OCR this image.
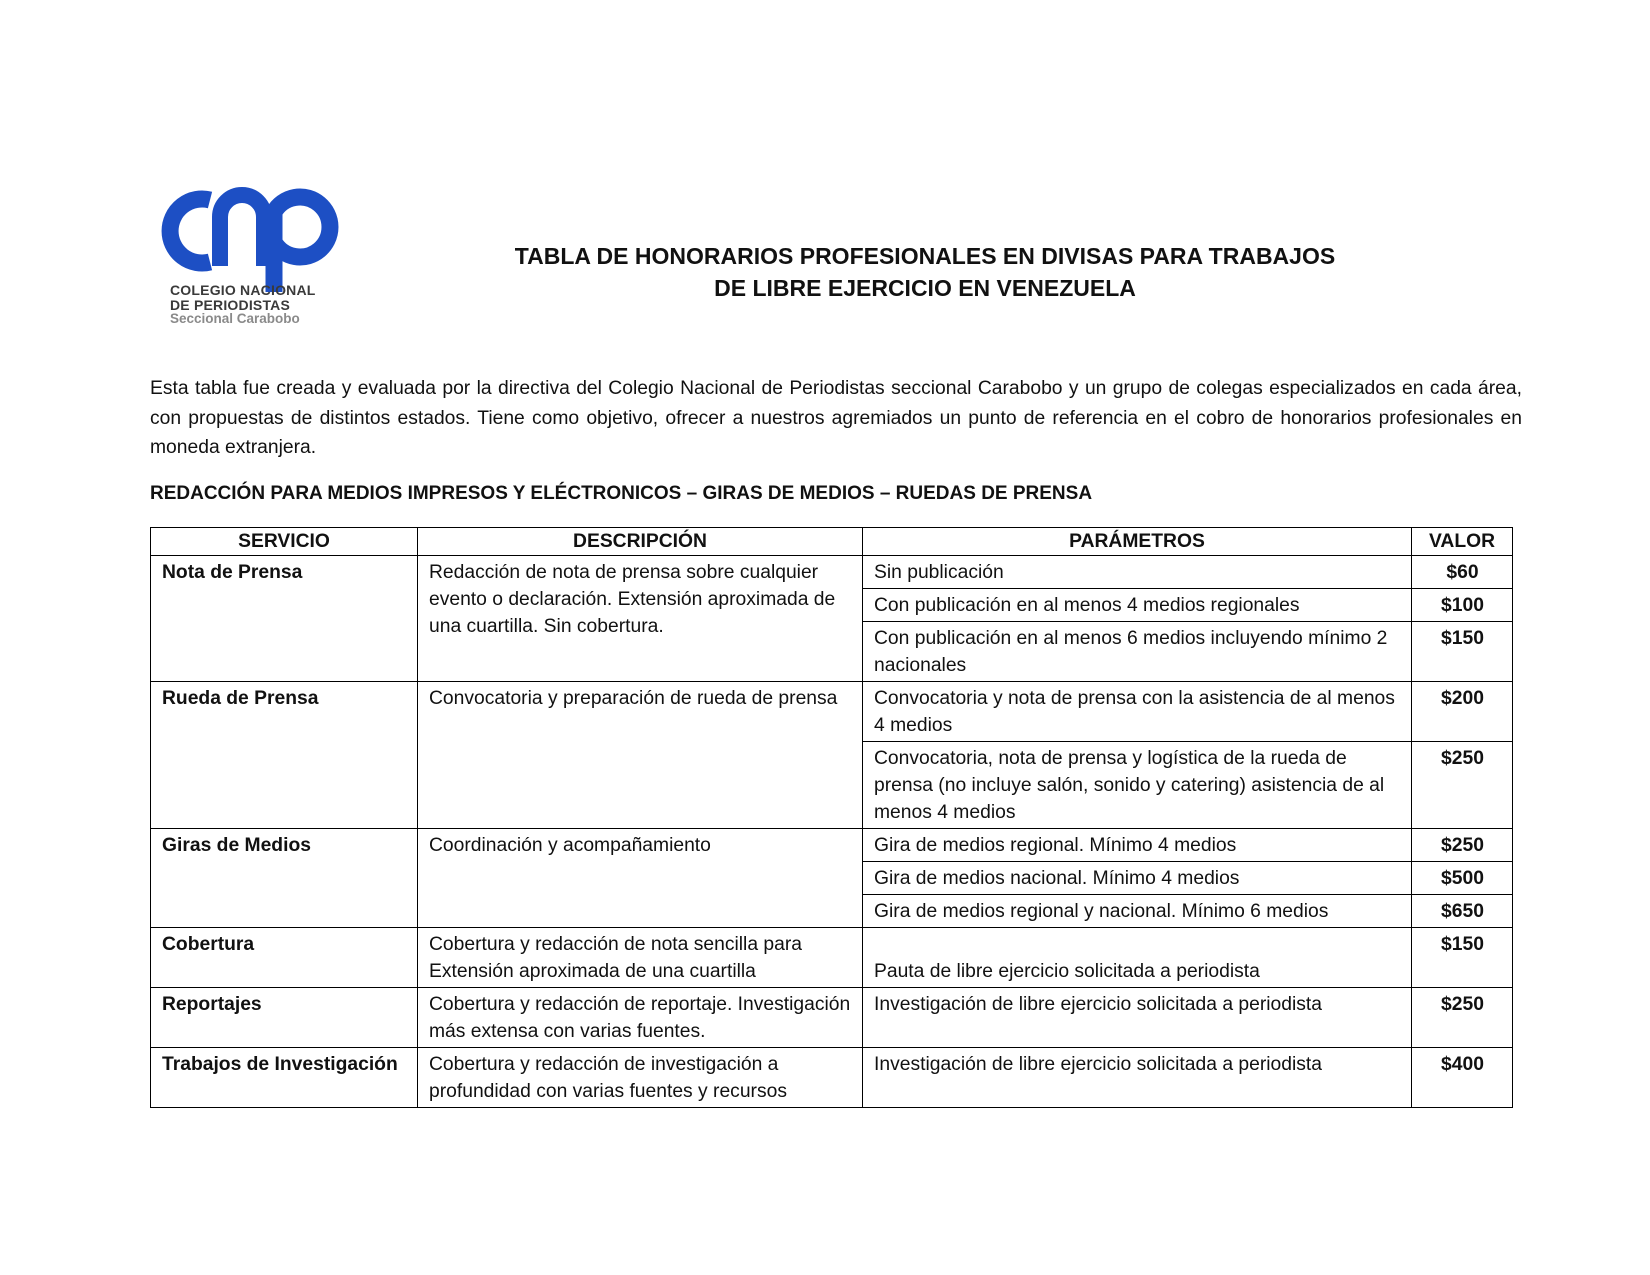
COLEGIO NACIONAL
DE PERIODISTAS
Seccional Carabobo
TABLA DE HONORARIOS PROFESIONALES EN DIVISAS PARA TRABAJOS
DE LIBRE EJERCICIO EN VENEZUELA
Esta tabla fue creada y evaluada por la directiva del Colegio Nacional de Periodistas seccional Carabobo y un grupo de colegas especializados en cada área, con propuestas de distintos estados. Tiene como objetivo, ofrecer a nuestros agremiados un punto de referencia en el cobro de honorarios profesionales en moneda extranjera.
REDACCIÓN PARA MEDIOS IMPRESOS Y ELÉCTRONICOS – GIRAS DE MEDIOS – RUEDAS DE PRENSA
SERVICIO	DESCRIPCIÓN	PARÁMETROS	VALOR
Nota de Prensa	Redacción de nota de prensa sobre cualquier evento o declaración. Extensión aproximada de una cuartilla. Sin cobertura.	Sin publicación	$60
		Con publicación en al menos 4 medios regionales	$100
		Con publicación en al menos 6 medios incluyendo mínimo 2 nacionales	$150
Rueda de Prensa	Convocatoria y preparación de rueda de prensa	Convocatoria y nota de prensa con la asistencia de al menos 4 medios	$200
		Convocatoria, nota de prensa y logística de la rueda de prensa (no incluye salón, sonido y catering) asistencia de al menos 4 medios	$250
Giras de Medios	Coordinación y acompañamiento	Gira de medios regional. Mínimo 4 medios	$250
		Gira de medios nacional. Mínimo 4 medios	$500
		Gira de medios regional y nacional. Mínimo 6 medios	$650
Cobertura	Cobertura y redacción de nota sencilla para Extensión aproximada de una cuartilla	Pauta de libre ejercicio solicitada a periodista	$150
Reportajes	Cobertura y redacción de reportaje. Investigación más extensa con varias fuentes.	Investigación de libre ejercicio solicitada a periodista	$250
Trabajos de Investigación	Cobertura y redacción de investigación a profundidad con varias fuentes y recursos	Investigación de libre ejercicio solicitada a periodista	$400
